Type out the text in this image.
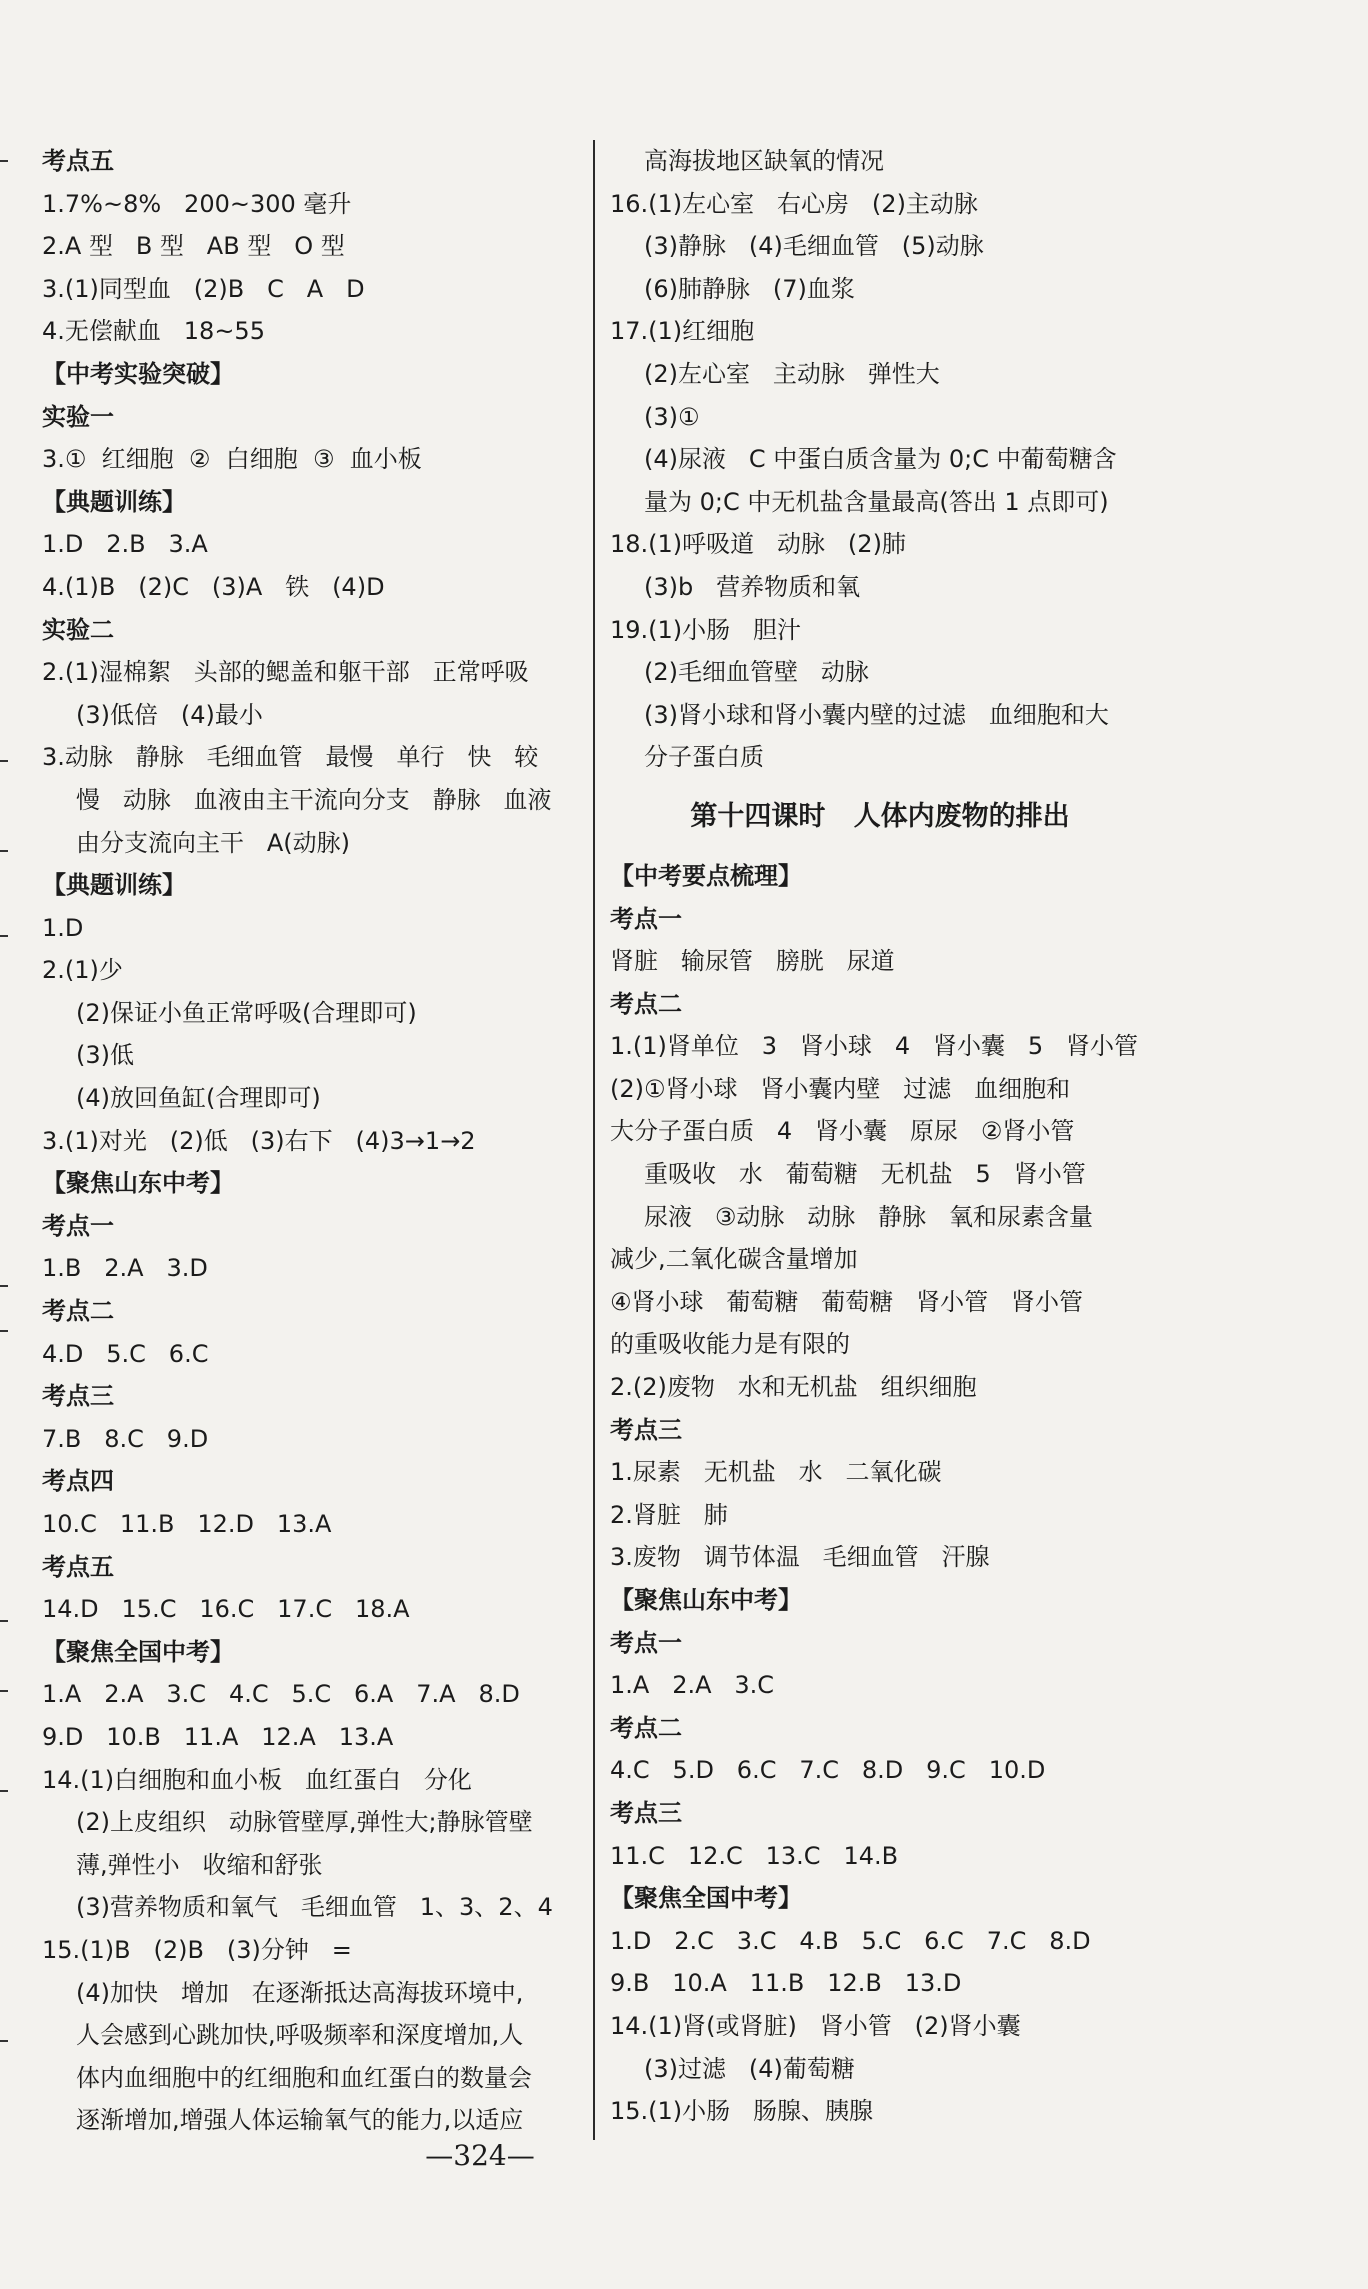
考点五
1.7%~8%   200~300 毫升
2.A 型   B 型   AB 型   O 型
3.(1)同型血   (2)B   C   A   D
4.无偿献血   18~55
【中考实验突破】
实验一
3.①  红细胞  ②  白细胞  ③  血小板
【典题训练】
1.D   2.B   3.A
4.(1)B   (2)C   (3)A   铁   (4)D
实验二
2.(1)湿棉絮   头部的鳃盖和躯干部   正常呼吸
(3)低倍   (4)最小
3.动脉   静脉   毛细血管   最慢   单行   快   较
慢   动脉   血液由主干流向分支   静脉   血液
由分支流向主干   A(动脉)
【典题训练】
1.D
2.(1)少
(2)保证小鱼正常呼吸(合理即可)
(3)低
(4)放回鱼缸(合理即可)
3.(1)对光   (2)低   (3)右下   (4)3→1→2
【聚焦山东中考】
考点一
1.B   2.A   3.D
考点二
4.D   5.C   6.C
考点三
7.B   8.C   9.D
考点四
10.C   11.B   12.D   13.A
考点五
14.D   15.C   16.C   17.C   18.A
【聚焦全国中考】
1.A   2.A   3.C   4.C   5.C   6.A   7.A   8.D
9.D   10.B   11.A   12.A   13.A
14.(1)白细胞和血小板   血红蛋白   分化
(2)上皮组织   动脉管壁厚,弹性大;静脉管壁
薄,弹性小   收缩和舒张
(3)营养物质和氧气   毛细血管   1、3、2、4
15.(1)B   (2)B   (3)分钟   =
(4)加快   增加   在逐渐抵达高海拔环境中,
人会感到心跳加快,呼吸频率和深度增加,人
体内血细胞中的红细胞和血红蛋白的数量会
逐渐增加,增强人体运输氧气的能力,以适应
高海拔地区缺氧的情况
16.(1)左心室   右心房   (2)主动脉
(3)静脉   (4)毛细血管   (5)动脉
(6)肺静脉   (7)血浆
17.(1)红细胞
(2)左心室   主动脉   弹性大
(3)①
(4)尿液   C 中蛋白质含量为 0;C 中葡萄糖含
量为 0;C 中无机盐含量最高(答出 1 点即可)
18.(1)呼吸道   动脉   (2)肺
(3)b   营养物质和氧
19.(1)小肠   胆汁
(2)毛细血管壁   动脉
(3)肾小球和肾小囊内壁的过滤   血细胞和大
分子蛋白质
第十四课时   人体内废物的排出
【中考要点梳理】
考点一
肾脏   输尿管   膀胱   尿道
考点二
1.(1)肾单位   3   肾小球   4   肾小囊   5   肾小管
(2)①肾小球   肾小囊内壁   过滤   血细胞和
大分子蛋白质   4   肾小囊   原尿   ②肾小管
重吸收   水   葡萄糖   无机盐   5   肾小管
尿液   ③动脉   动脉   静脉   氧和尿素含量
减少,二氧化碳含量增加
④肾小球   葡萄糖   葡萄糖   肾小管   肾小管
的重吸收能力是有限的
2.(2)废物   水和无机盐   组织细胞
考点三
1.尿素   无机盐   水   二氧化碳
2.肾脏   肺
3.废物   调节体温   毛细血管   汗腺
【聚焦山东中考】
考点一
1.A   2.A   3.C
考点二
4.C   5.D   6.C   7.C   8.D   9.C   10.D
考点三
11.C   12.C   13.C   14.B
【聚焦全国中考】
1.D   2.C   3.C   4.B   5.C   6.C   7.C   8.D
9.B   10.A   11.B   12.B   13.D
14.(1)肾(或肾脏)   肾小管   (2)肾小囊
(3)过滤   (4)葡萄糖
15.(1)小肠   肠腺、胰腺
—324—
